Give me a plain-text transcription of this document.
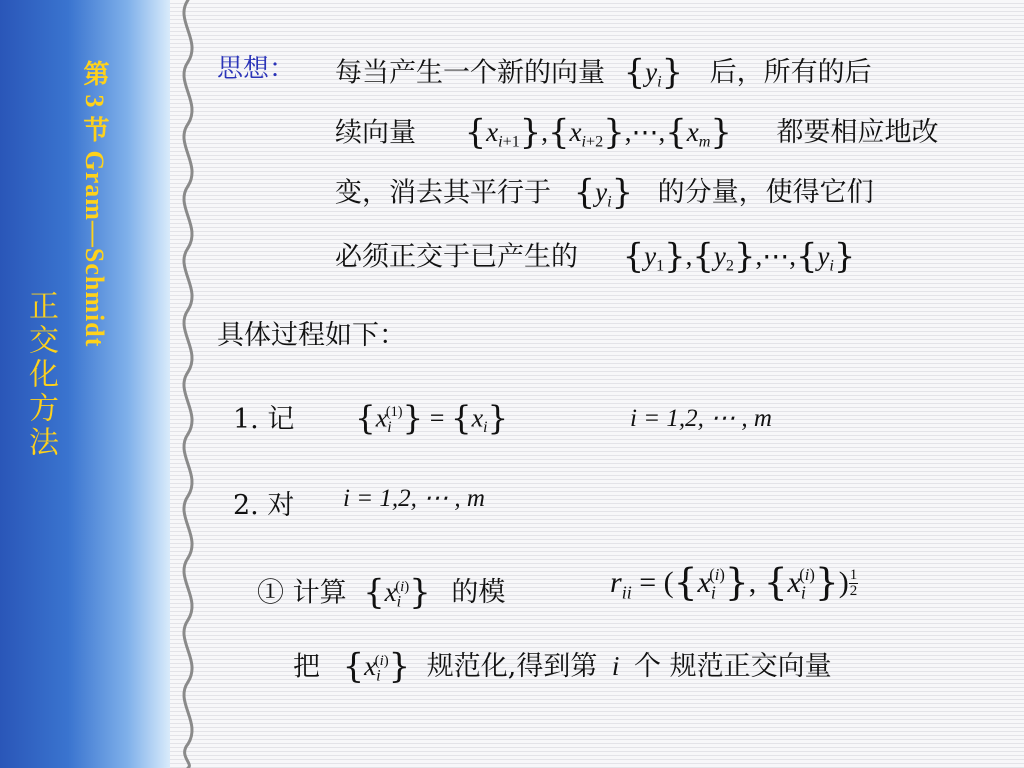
第 3 节 Gram—Schmidt
正交化方法
思想： 每当产生一个新的向量 $\{y_i\}$ 后，所有的后
续向量 $\{x_{i+1}\},\{x_{i+2}\},\cdots,\{x_m\}$ 都要相应地改
变，消去其平行于 $\{y_i\}$ 的分量，使得它们
必须正交于已产生的 $\{y_1\},\{y_2\},\cdots,\{y_i\}$
具体过程如下：
1. 记 $\{x_i^{(1)}\} = \{x_i\}$	i = 1,2, ⋯ , m
2. 对 i = 1,2, ⋯ , m
① 计算 $\{x_i^{(i)}\}$ 的模	$r_{ii} = (\{x_i^{(i)}\}$, $\{x_i^{(i)}\}) \frac{1}{2}$
把 $\{x_i^{(i)}\}$ 规范化,得到第 i 个 规范正交向量
